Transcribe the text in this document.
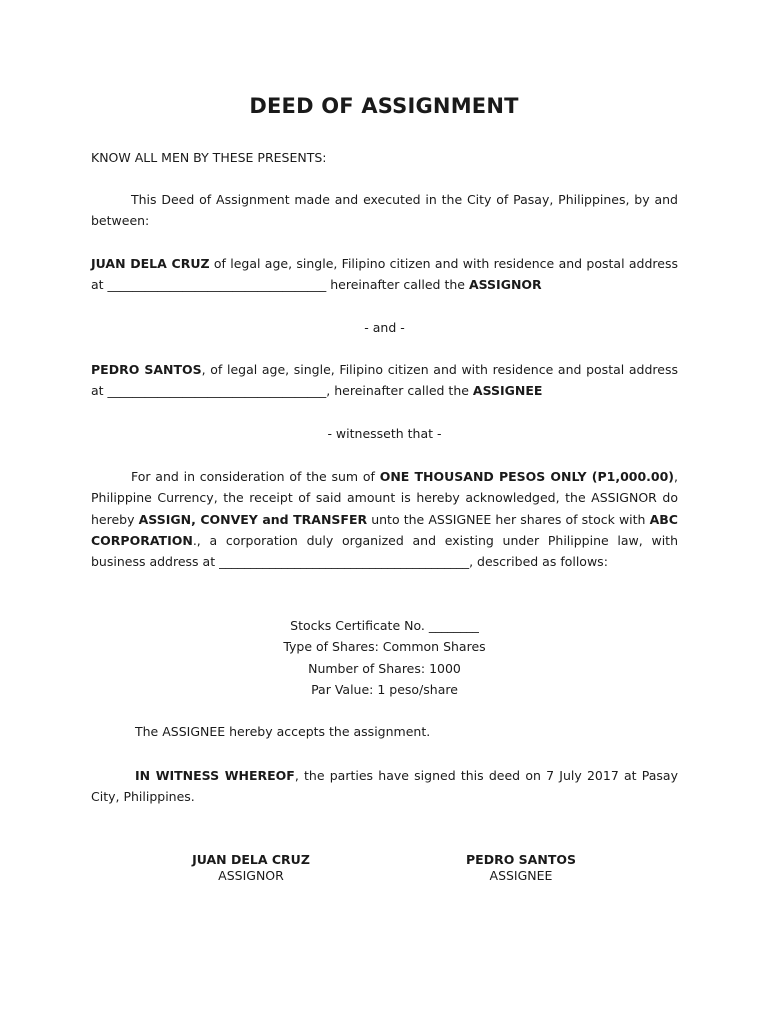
DEED OF ASSIGNMENT
KNOW ALL MEN BY THESE PRESENTS:
This Deed of Assignment made and executed in the City of Pasay, Philippines, by and between:
JUAN DELA CRUZ of legal age, single, Filipino citizen and with residence and postal address at ___________________________________ hereinafter called the ASSIGNOR
- and -
PEDRO SANTOS, of legal age, single, Filipino citizen and with residence and postal address at ___________________________________, hereinafter called the ASSIGNEE
- witnesseth that -
For and in consideration of the sum of ONE THOUSAND PESOS ONLY (P1,000.00), Philippine Currency, the receipt of said amount is hereby acknowledged, the ASSIGNOR do hereby ASSIGN, CONVEY and TRANSFER unto the ASSIGNEE her shares of stock with ABC CORPORATION., a corporation duly organized and existing under Philippine law, with business address at ________________________________________, described as follows:
Stocks Certificate No. ________
Type of Shares: Common Shares
Number of Shares: 1000
Par Value: 1 peso/share
The ASSIGNEE hereby accepts the assignment.
IN WITNESS WHEREOF, the parties have signed this deed on 7 July 2017 at Pasay City, Philippines.
JUAN DELA CRUZ
ASSIGNOR
PEDRO SANTOS
ASSIGNEE
